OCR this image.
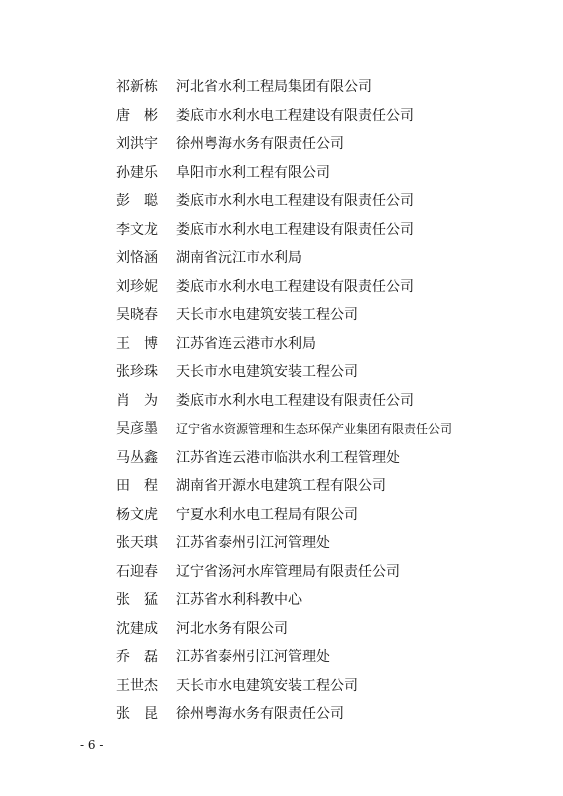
祁新栋	河北省水利工程局集团有限公司
唐　彬	娄底市水利水电工程建设有限责任公司
刘洪宇	徐州粤海水务有限责任公司
孙建乐	阜阳市水利工程有限公司
彭　聪	娄底市水利水电工程建设有限责任公司
李文龙	娄底市水利水电工程建设有限责任公司
刘恪涵	湖南省沅江市水利局
刘珍妮	娄底市水利水电工程建设有限责任公司
吴晓春	天长市水电建筑安装工程公司
王　博	江苏省连云港市水利局
张珍珠	天长市水电建筑安装工程公司
肖　为	娄底市水利水电工程建设有限责任公司
吴彦墨	辽宁省水资源管理和生态环保产业集团有限责任公司
马丛鑫	江苏省连云港市临洪水利工程管理处
田　程	湖南省开源水电建筑工程有限公司
杨文虎	宁夏水利水电工程局有限公司
张天琪	江苏省泰州引江河管理处
石迎春	辽宁省汤河水库管理局有限责任公司
张　猛	江苏省水利科教中心
沈建成	河北水务有限公司
乔　磊	江苏省泰州引江河管理处
王世杰	天长市水电建筑安装工程公司
张　昆	徐州粤海水务有限责任公司
- 6 -
